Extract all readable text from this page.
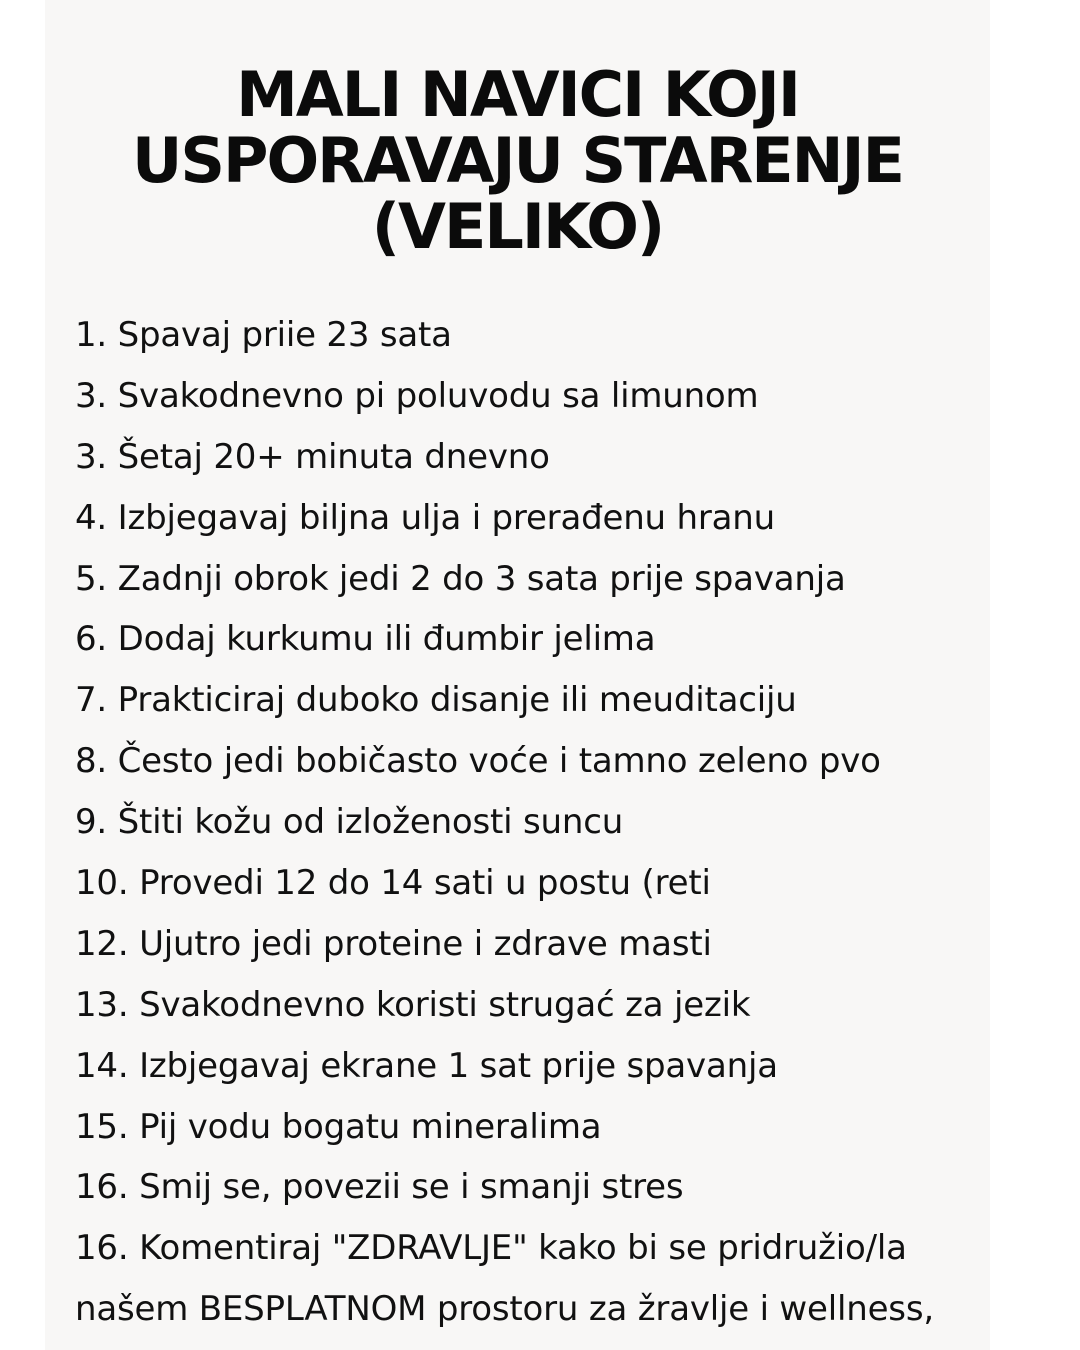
MALI NAVICI KOJI
USPORAVAJU STARENJE
(VELIKO)
1. Spavaj priie 23 sata
3. Svakodnevno pi poluvodu sa limunom
3. Šetaj 20+ minuta dnevno
4. Izbjegavaj biljna ulja i prerađenu hranu
5. Zadnji obrok jedi 2 do 3 sata prije spavanja
6. Dodaj kurkumu ili đumbir jelima
7. Prakticiraj duboko disanje ili meuditaciju
8. Često jedi bobičasto voće i tamno zeleno pvo
9. Štiti kožu od izloženosti suncu
10. Provedi 12 do 14 sati u postu (reti
12. Ujutro jedi proteine i zdrave masti
13. Svakodnevno koristi strugać za jezik
14. Izbjegavaj ekrane 1 sat prije spavanja
15. Pij vodu bogatu mineralima
16. Smij se, povezii se i smanji stres
16. Komentiraj "ZDRAVLJE" kako bi se pridružio/la našem BESPLATNOM prostoru za žravlje i wellness,
